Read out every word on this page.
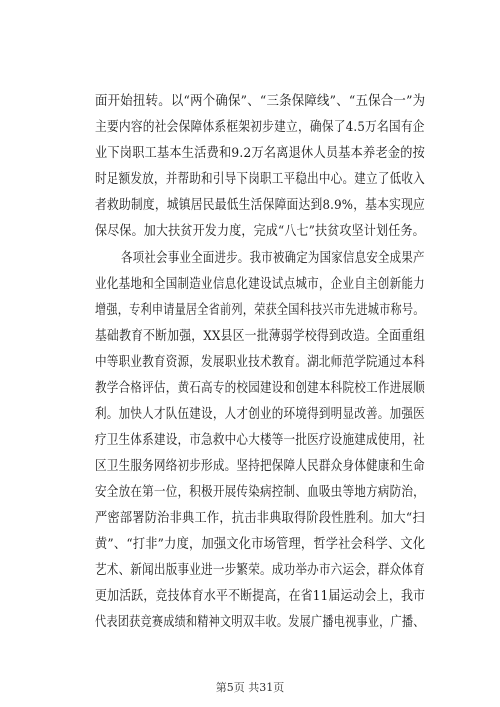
面开始扭转。以“两个确保”、“三条保障线”、“五保合一”为
主要内容的社会保障体系框架初步建立，确保了4.5万名国有企
业下岗职工基本生活费和9.2万名离退休人员基本养老金的按
时足额发放，并帮助和引导下岗职工平稳出中心。建立了低收入
者救助制度，城镇居民最低生活保障面达到8.9%，基本实现应
保尽保。加大扶贫开发力度，完成“八七”扶贫攻坚计划任务。
各项社会事业全面进步。我市被确定为国家信息安全成果产
业化基地和全国制造业信息化建设试点城市，企业自主创新能力
增强，专利申请量居全省前列，荣获全国科技兴市先进城市称号。
基础教育不断加强，XX县区一批薄弱学校得到改造。全面重组
中等职业教育资源，发展职业技术教育。湖北师范学院通过本科
教学合格评估，黄石高专的校园建设和创建本科院校工作进展顺
利。加快人才队伍建设，人才创业的环境得到明显改善。加强医
疗卫生体系建设，市急救中心大楼等一批医疗设施建成使用，社
区卫生服务网络初步形成。坚持把保障人民群众身体健康和生命
安全放在第一位，积极开展传染病控制、血吸虫等地方病防治，
严密部署防治非典工作，抗击非典取得阶段性胜利。加大“扫
黄”、“打非”力度，加强文化市场管理，哲学社会科学、文化
艺术、新闻出版事业进一步繁荣。成功举办市六运会，群众体育
更加活跃，竞技体育水平不断提高，在省11届运动会上，我市
代表团获竞赛成绩和精神文明双丰收。发展广播电视事业，广播、
第5页 共31页
